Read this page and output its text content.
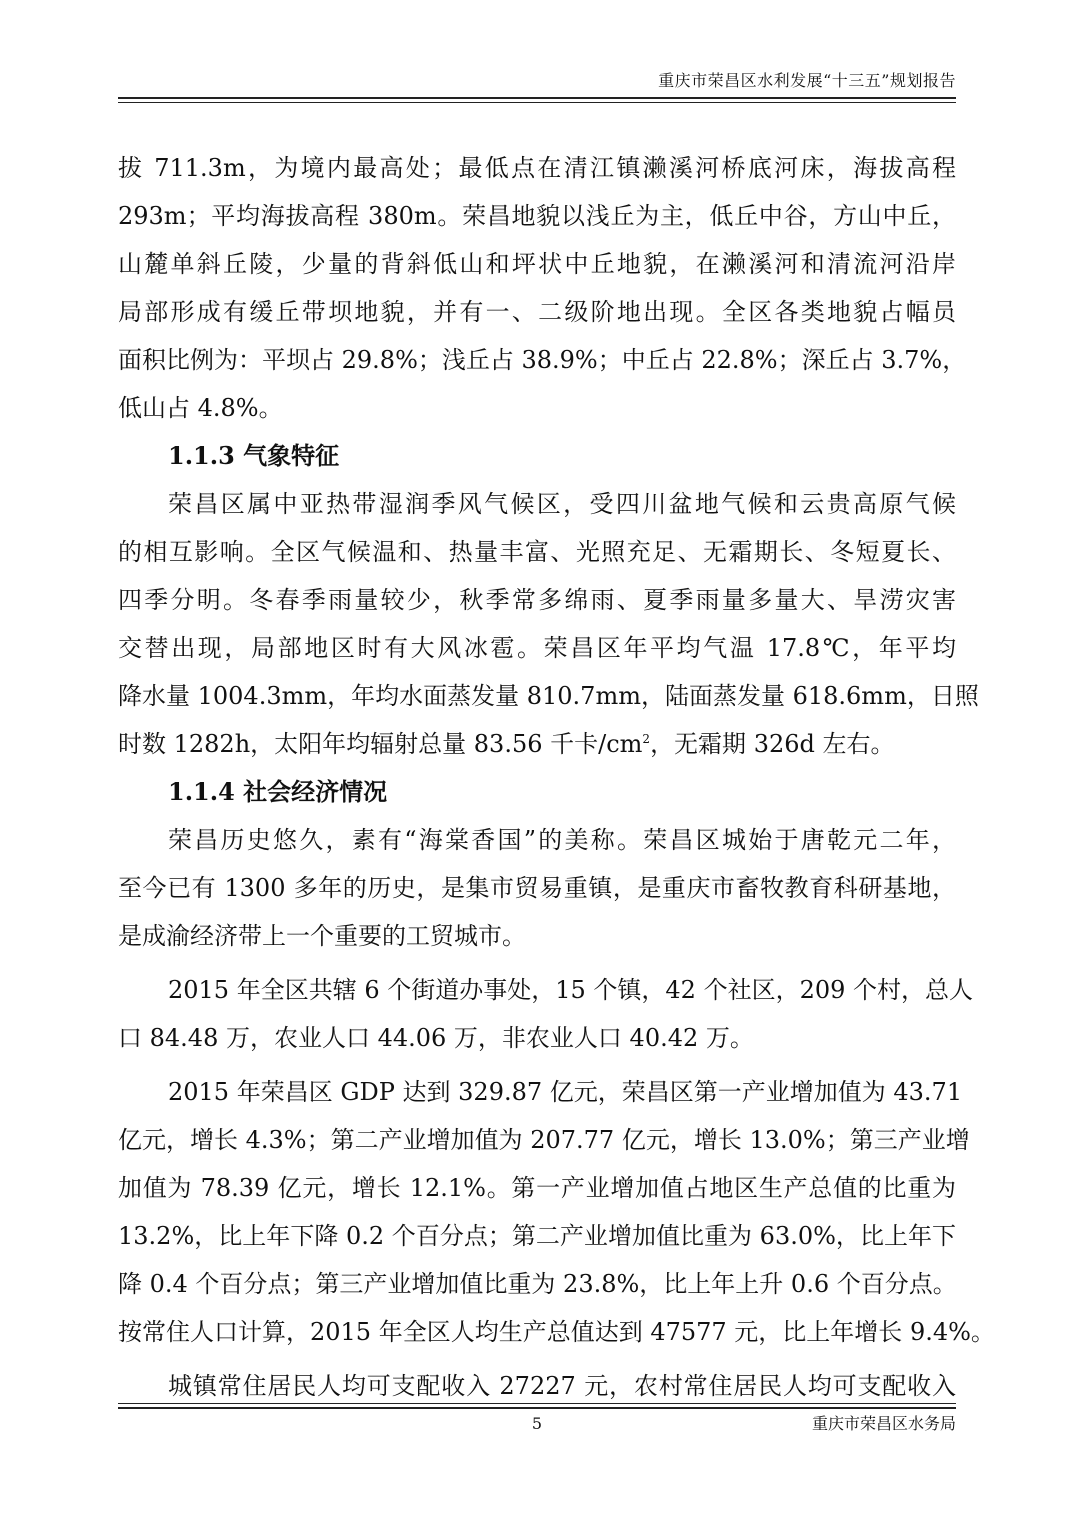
重庆市荣昌区水利发展“十三五”规划报告
拔 711.3m，为境内最高处；最低点在清江镇濑溪河桥底河床，海拔高程
293m；平均海拔高程 380m。荣昌地貌以浅丘为主，低丘中谷，方山中丘，
山麓单斜丘陵，少量的背斜低山和坪状中丘地貌，在濑溪河和清流河沿岸
局部形成有缓丘带坝地貌，并有一、二级阶地出现。全区各类地貌占幅员
面积比例为：平坝占 29.8%；浅丘占 38.9%；中丘占 22.8%；深丘占 3.7%，
低山占 4.8%。
1.1.3 气象特征
荣昌区属中亚热带湿润季风气候区，受四川盆地气候和云贵高原气候
的相互影响。全区气候温和、热量丰富、光照充足、无霜期长、冬短夏长、
四季分明。冬春季雨量较少，秋季常多绵雨、夏季雨量多量大、旱涝灾害
交替出现，局部地区时有大风冰雹。荣昌区年平均气温 17.8℃，年平均
降水量 1004.3mm，年均水面蒸发量 810.7mm，陆面蒸发量 618.6mm，日照
时数 1282h，太阳年均辐射总量 83.56 千卡$/cm^2$，无霜期 326d 左右。
1.1.4 社会经济情况
荣昌历史悠久，素有“海棠香国”的美称。荣昌区城始于唐乾元二年，
至今已有 1300 多年的历史，是集市贸易重镇，是重庆市畜牧教育科研基地，
是成渝经济带上一个重要的工贸城市。
2015 年全区共辖 6 个街道办事处，15 个镇，42 个社区，209 个村，总人
口 84.48 万，农业人口 44.06 万，非农业人口 40.42 万。
2015 年荣昌区 GDP 达到 329.87 亿元，荣昌区第一产业增加值为 43.71
亿元，增长 4.3%；第二产业增加值为 207.77 亿元，增长 13.0%；第三产业增
加值为 78.39 亿元，增长 12.1%。第一产业增加值占地区生产总值的比重为
13.2%，比上年下降 0.2 个百分点；第二产业增加值比重为 63.0%，比上年下
降 0.4 个百分点；第三产业增加值比重为 23.8%，比上年上升 0.6 个百分点。
按常住人口计算，2015 年全区人均生产总值达到 47577 元，比上年增长 9.4%。
城镇常住居民人均可支配收入 27227 元，农村常住居民人均可支配收入
5	重庆市荣昌区水务局
